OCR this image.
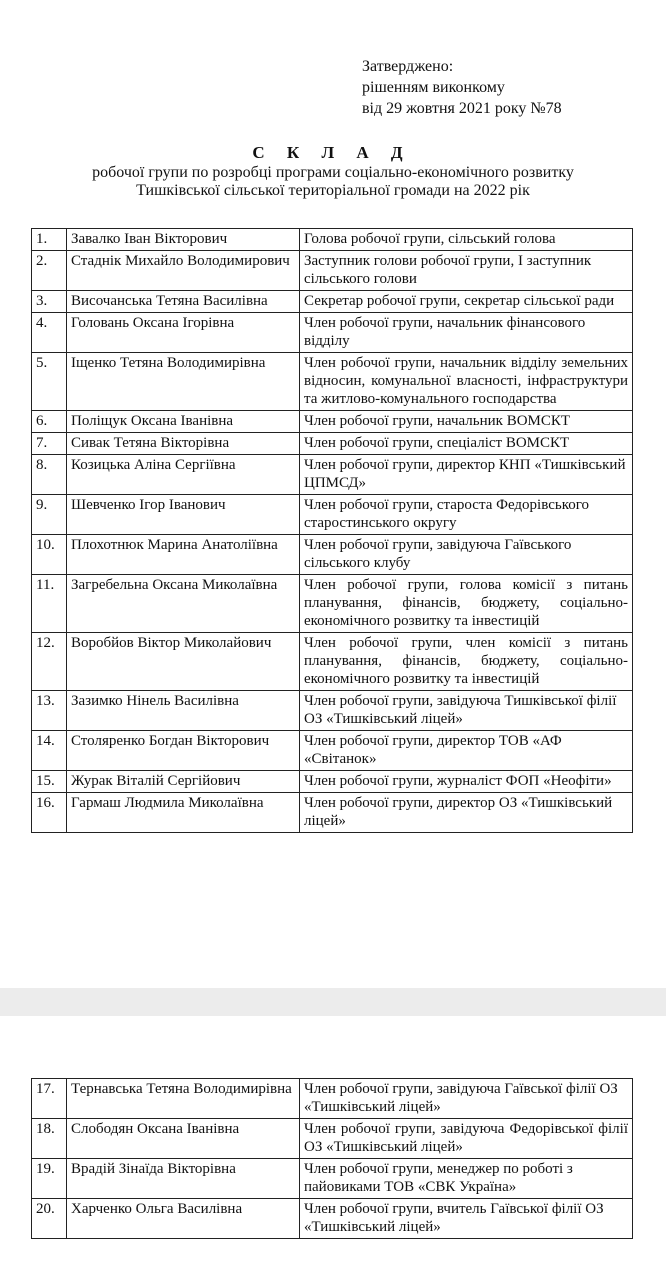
Затверджено:
рішенням виконкому
від 29 жовтня 2021 року №78
С К Л А Д
робочої групи по розробці програми соціально-економічного розвитку
Тишківської сільської територіальної громади на 2022 рік
1.	Завалко Іван Вікторович	Голова робочої групи, сільський голова
2.	Стаднік Михайло Володимирович	Заступник голови робочої групи, І заступник сільського голови
3.	Височанська Тетяна Василівна	Секретар робочої групи, секретар сільської ради
4.	Головань Оксана Ігорівна	Член робочої групи, начальник фінансового відділу
5.	Іщенко Тетяна Володимирівна	Член робочої групи, начальник відділу земельних відносин, комунальної власності, інфраструктури та житлово-комунального господарства
6.	Поліщук Оксана Іванівна	Член робочої групи, начальник ВОМСКТ
7.	Сивак Тетяна Вікторівна	Член робочої групи, спеціаліст ВОМСКТ
8.	Козицька Аліна Сергіївна	Член робочої групи, директор КНП «Тишківський ЦПМСД»
9.	Шевченко Ігор Іванович	Член робочої групи, староста Федорівського старостинського округу
10.	Плохотнюк Марина Анатоліївна	Член робочої групи, завідуюча Гаївського сільського клубу
11.	Загребельна Оксана Миколаївна	Член робочої групи, голова комісії з питань планування, фінансів, бюджету, соціально-економічного розвитку та інвестицій
12.	Воробйов Віктор Миколайович	Член робочої групи, член комісії з питань планування, фінансів, бюджету, соціально-економічного розвитку та інвестицій
13.	Зазимко Нінель Василівна	Член робочої групи, завідуюча Тишківської філії ОЗ «Тишківський ліцей»
14.	Столяренко Богдан Вікторович	Член робочої групи, директор ТОВ «АФ «Світанок»
15.	Журак Віталій Сергійович	Член робочої групи, журналіст ФОП «Неофіти»
16.	Гармаш Людмила Миколаївна	Член робочої групи, директор ОЗ «Тишківський ліцей»
17.	Тернавська Тетяна Володимирівна	Член робочої групи, завідуюча Гаївської філії ОЗ «Тишківський ліцей»
18.	Слободян Оксана Іванівна	Член робочої групи, завідуюча Федорівської філії ОЗ «Тишківський ліцей»
19.	Врадій Зінаїда Вікторівна	Член робочої групи, менеджер по роботі з пайовиками ТОВ «СВК Україна»
20.	Харченко Ольга Василівна	Член робочої групи, вчитель Гаївської філії ОЗ «Тишківський ліцей»
